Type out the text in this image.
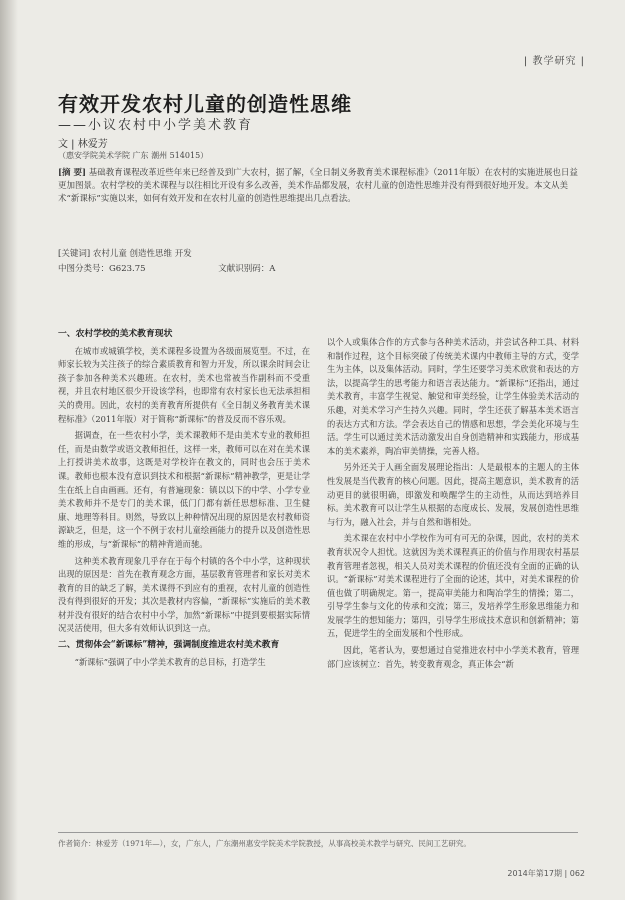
| 教学研究 |
有效开发农村儿童的创造性思维
——小议农村中小学美术教育
文 | 林爱芳
（惠安学院美术学院 广东 潮州 514015）
[摘 要] 基础教育课程改革近些年来已经普及到广大农村，据了解，《全日制义务教育美术课程标准》（2011年版）在农村的实施进展也日益更加图景。农村学校的美术课程与以往相比开设有多么改善，美术作品都发展，农村儿童的创造性思维并没有得到很好地开发。本文从美术“新课标”实施以来，如何有效开发和在农村儿童的创造性思维提出几点看法。
[关键词] 农村儿童 创造性思维 开发
中图分类号：G623.75	文献识别码：A
一、农村学校的美术教育现状

在城市或城镇学校，美术课程多设置为各级面展览型。不过，在师家长较为关注孩子的综合素质教育和智力开发，所以课余时间会让孩子参加各种美术兴趣班。在农村，美术也常被当作副科而不受重视，并且农村地区很少开设该学科，也即常有农村家长也无法承担相关的费用。因此，农村的美育教育所提供有《全日制义务教育美术课程标准》（2011年版）对于简称“新课标”的普及反而不容乐观。

据调查，在一些农村小学，美术课教师不是由美术专业的教师担任，而是由数学或语文教师担任，这样一来，教师可以在对在美术课上打授讲美术故事，这既是对学校许在教文的，同时也会压于美术课。教师也根本没有意识到技术和根据“新课标”精神教学，更是让学生在纸上自由画画。还有，有普遍现象：镇以以下的中学、小学专业美术教师并不是专门的美术课，低门门都有新任思想标准、卫生健康、地理等科目。则然，导致以上种种情况出现的原因是农村教师资源缺乏，但是，这一个不例于农村儿童绘画能力的提升以及创造性思维的形成，与“新课标”的精神背道而驰。

这种美术教育现象几乎存在于每个村镇的各个中小学，这种现状出现的原因是：首先在教育观念方面，基层教育管理者和家长对美术教育的目的缺乏了解，美术课得不到应有的重视，农村儿童的创造性没有得到很好的开发；其次是教材内容偏，“新课标”实施后的美术教材并没有很好的结合农村中小学，加然“新课标”中提到要根据实际情况灵活使用，但大多有效师认识到这一点。

二、贯彻体会“新课标”精神，强调制度推进农村美术教育

“新课标”强调了中小学美术教育的总目标，打造学生

以个人或集体合作的方式参与各种美术活动，并尝试各种工具、材料和制作过程，这个目标突破了传统美术课内中教师主导的方式，变学生为主体，以及集体活动。同时，学生还要学习美术欣赏和表达的方法，以提高学生的思考能力和语言表达能力。“新课标”还指出，通过美术教育，丰富学生视觉、触觉和审美经验，让学生体验美术活动的乐趣，对美术学习产生持久兴趣。同时，学生还获了解基本美术语言的表达方式和方法。学会表达自己的情感和思想，学会美化环境与生活。学生可以通过美术活动激发出自身创造精神和实践能力，形成基本的美术素养，陶冶审美情操，完善人格。

另外还关于人画全面发展理论指出：人是最根本的主题人的主体性发展是当代教育的核心问题。因此，提高主题意识，美术教育的活动更目的就很明确，即激发和唤醒学生的主动性，从而达到培养目标。美术教育可以让学生从根据的态度成长、发展，发展创造性思维与行为，融入社会，并与自然和谐相处。

美术课在农村中小学校作为可有可无的杂课，因此，农村的美术教育状况令人担忧。这就因为美术课程真正的价值与作用现农村基层教育管理者忽视，相关人员对美术课程的价值还没有全面的正确的认识。“新课标”对美术课程进行了全面的论述，其中，对美术课程的价值也做了明确规定。第一，提高审美能力和陶冶学生的情操；第二，引导学生参与文化的传承和交流；第三，发培养学生形象思维能力和发展学生的想知能力；第四，引导学生形成技术意识和创新精神；第五，促进学生的全面发展和个性形成。

因此，笔者认为，要想通过自觉推进农村中小学美术教育，管理部门应该树立：首先，转变教育观念，真正体会“新

作者简介：林爱芳（1971年—），女，广东人，广东潮州惠安学院美术学院教授，从事高校美术教学与研究、民间工艺研究。
2014年第17期 | 062
